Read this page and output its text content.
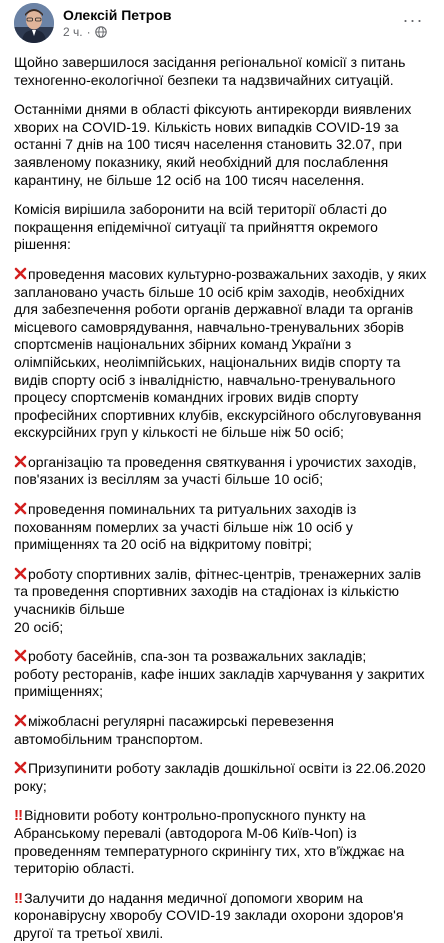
Олексій Петров
2 ч. ·
···

Щойно завершилося засідання регіональної комісії з питань техногенно-екологічної безпеки та надзвичайних ситуацій.

Останніми днями в області фіксують антирекорди виявлених хворих на COVID-19. Кількість нових випадків COVID-19 за останні 7 днів на 100 тисяч населення становить 32.07, при заявленому показнику, який необхідний для послаблення карантину, не більше 12 осіб на 100 тисяч населення.

Комісія вирішила заборонити на всій території області до покращення епідемічної ситуації та прийняття окремого рішення:

проведення масових культурно-розважальних заходів, у яких заплановано участь більше 10 осіб крім заходів, необхідних для забезпечення роботи органів державної влади та органів місцевого самоврядування, навчально-тренувальних зборів спортсменів національних збірних команд України з олімпійських, неолімпійських, національних видів спорту та видів спорту осіб з інвалідністю, навчально-тренувального процесу спортсменів командних ігрових видів спорту професійних спортивних клубів, екскурсійного обслуговування екскурсійних груп у кількості не більше ніж 50 осіб;

організацію та проведення святкування і урочистих заходів, пов'язаних із весіллям за участі більше 10 осіб;

проведення поминальних та ритуальних заходів із похованням померлих за участі більше ніж 10 осіб у приміщеннях та 20 осіб на відкритому повітрі;

роботу спортивних залів, фітнес-центрів, тренажерних залів та проведення спортивних заходів на стадіонах із кількістю учасників більше
20 осіб;

роботу басейнів, спа-зон та розважальних закладів;
роботу ресторанів, кафе інших закладів харчування у закритих приміщеннях;

міжобласні регулярні пасажирські перевезення автомобільним транспортом.

Призупинити роботу закладів дошкільної освіти із 22.06.2020 року;

‼ Відновити роботу контрольно-пропускного пункту на Абранському перевалі (автодорога М-06 Київ-Чоп) із проведенням температурного скринінгу тих, хто в'їжджає на територію області.

‼ Залучити до надання медичної допомоги хворим на коронавірусну хворобу COVID-19 заклади охорони здоров'я другої та третьої хвилі.
